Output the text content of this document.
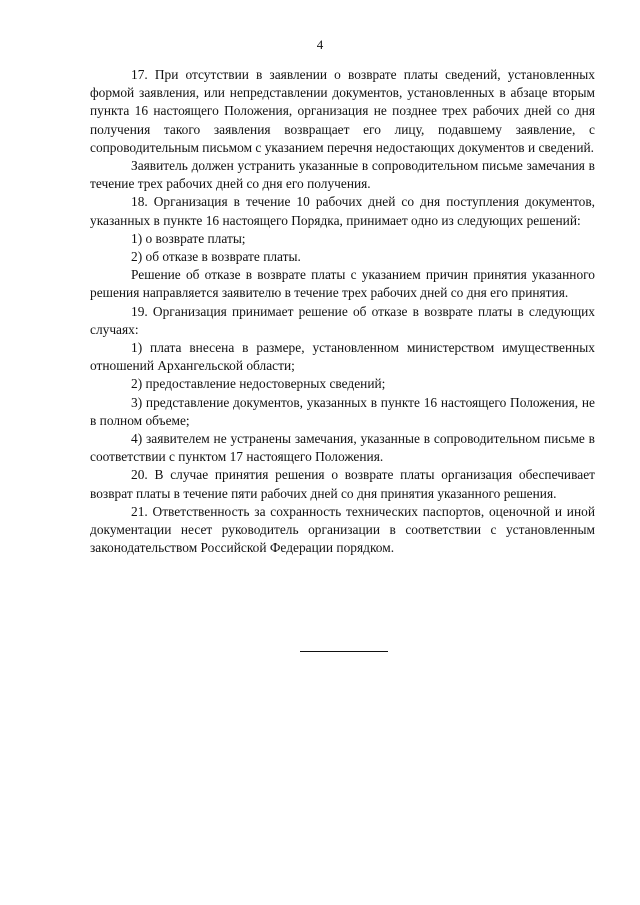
4

17. При отсутствии в заявлении о возврате платы сведений, установленных формой заявления, или непредставлении документов, установленных в абзаце вторым пункта 16 настоящего Положения, организация не позднее трех рабочих дней со дня получения такого заявления возвращает его лицу, подавшему заявление, с сопроводительным письмом с указанием перечня недостающих документов и сведений.

Заявитель должен устранить указанные в сопроводительном письме замечания в течение трех рабочих дней со дня его получения.

18. Организация в течение 10 рабочих дней со дня поступления документов, указанных в пункте 16 настоящего Порядка, принимает одно из следующих решений:

1) о возврате платы;

2) об отказе в возврате платы.

Решение об отказе в возврате платы с указанием причин принятия указанного решения направляется заявителю в течение трех рабочих дней со дня его принятия.

19. Организация принимает решение об отказе в возврате платы в следующих случаях:

1) плата внесена в размере, установленном министерством имущественных отношений Архангельской области;

2) предоставление недостоверных сведений;

3) представление документов, указанных в пункте 16 настоящего Положения, не в полном объеме;

4) заявителем не устранены замечания, указанные в сопроводительном письме в соответствии с пунктом 17 настоящего Положения.

20. В случае принятия решения о возврате платы организация обеспечивает возврат платы в течение пяти рабочих дней со дня принятия указанного решения.

21. Ответственность за сохранность технических паспортов, оценочной и иной документации несет руководитель организации в соответствии с установленным законодательством Российской Федерации порядком.
